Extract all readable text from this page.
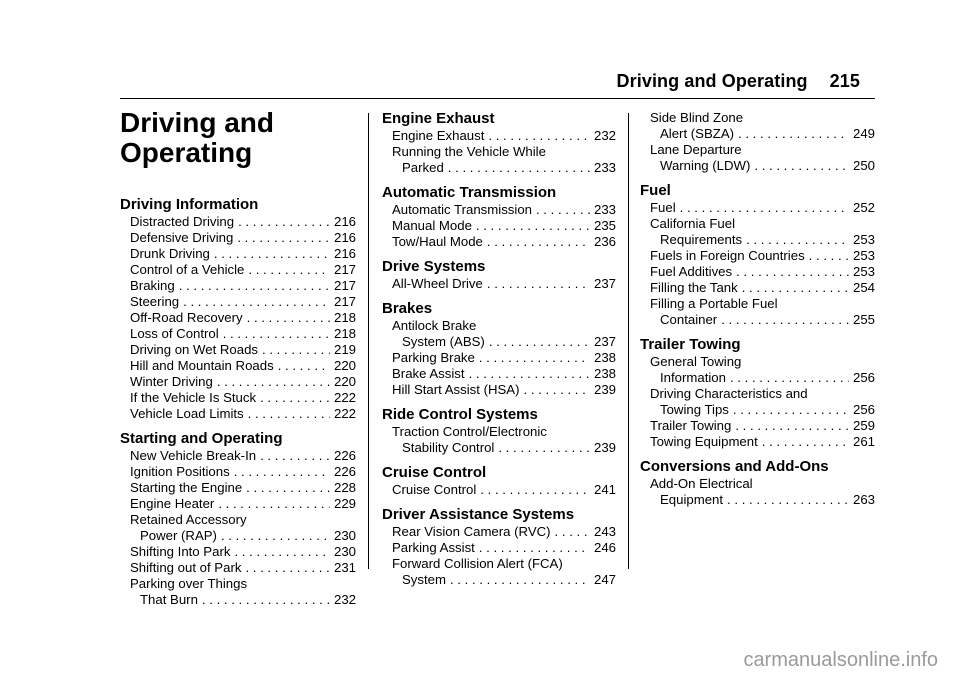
Driving and Operating 215
Driving and
Operating
Driving Information
Distracted Driving . . .	216
Defensive Driving . . .	216
Drunk Driving . . .	216
Control of a Vehicle . . .	217
Braking . . .	217
Steering . . .	217
Off-Road Recovery . . .	218
Loss of Control . . .	218
Driving on Wet Roads . . .	219
Hill and Mountain Roads . . .	220
Winter Driving . . .	220
If the Vehicle Is Stuck . . .	222
Vehicle Load Limits . . .	222
Starting and Operating
New Vehicle Break-In . . .	226
Ignition Positions . . .	226
Starting the Engine . . .	228
Engine Heater . . .	229
Retained Accessory
Power (RAP) . . .	230
Shifting Into Park . . .	230
Shifting out of Park . . .	231
Parking over Things
That Burn . . .	232
Engine Exhaust
Engine Exhaust . . .	232
Running the Vehicle While
Parked . . .	233
Automatic Transmission
Automatic Transmission . . .	233
Manual Mode . . .	235
Tow/Haul Mode . . .	236
Drive Systems
All-Wheel Drive . . .	237
Brakes
Antilock Brake
System (ABS) . . .	237
Parking Brake . . .	238
Brake Assist . . .	238
Hill Start Assist (HSA) . . .	239
Ride Control Systems
Traction Control/Electronic
Stability Control . . .	239
Cruise Control
Cruise Control . . .	241
Driver Assistance Systems
Rear Vision Camera (RVC) . . .	243
Parking Assist . . .	246
Forward Collision Alert (FCA)
System . . .	247
Side Blind Zone
Alert (SBZA) . . .	249
Lane Departure
Warning (LDW) . . .	250
Fuel
Fuel . . .	252
California Fuel
Requirements . . .	253
Fuels in Foreign Countries . . .	253
Fuel Additives . . .	253
Filling the Tank . . .	254
Filling a Portable Fuel
Container . . .	255
Trailer Towing
General Towing
Information . . .	256
Driving Characteristics and
Towing Tips . . .	256
Trailer Towing . . .	259
Towing Equipment . . .	261
Conversions and Add-Ons
Add-On Electrical
Equipment . . .	263
carmanualsonline.info
